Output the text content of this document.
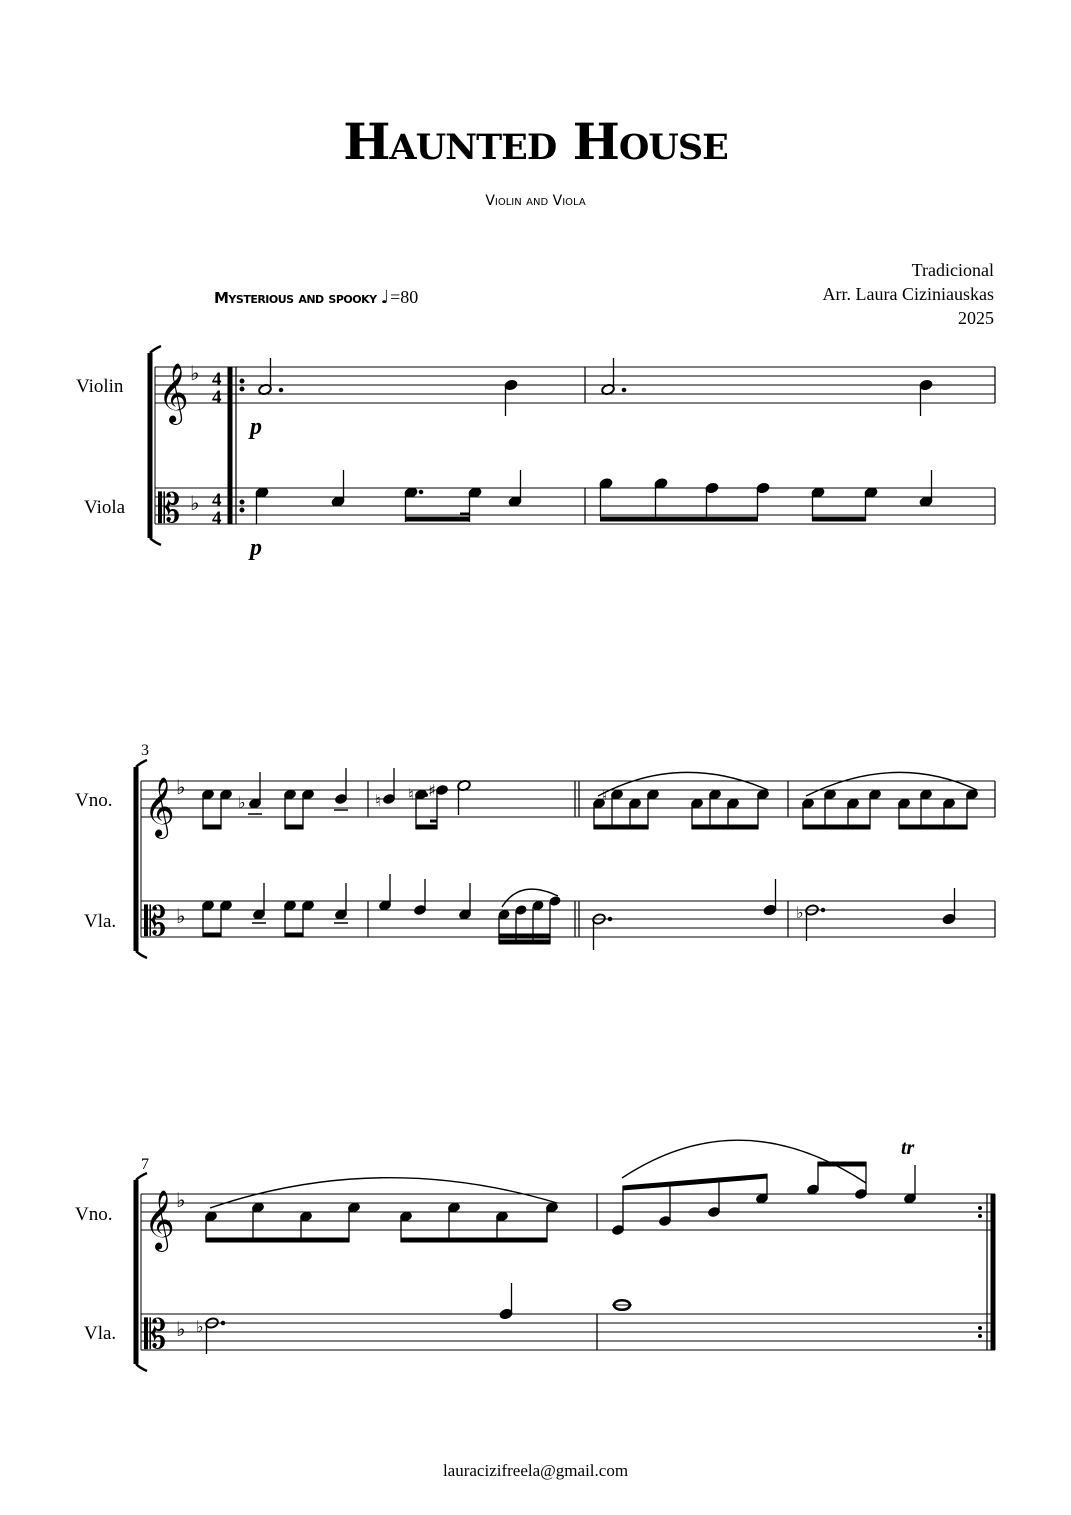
Haunted House
Violin and Viola
Tradicional
Arr. Laura Ciziniauskas
2025
Mysterious and spooky ♩=80
Violin
Viola
3
Vno.
Vla.
7
Vno.
Vla.
𝄞
𝄡
♭
♭
4
4
4
4
p
p
𝄞
𝄡
♭
♭
♭	♮ ♮ ♯	♮
♭
𝄞
𝄡
♭
♭
tr
♭
lauracizifreela@gmail.com
